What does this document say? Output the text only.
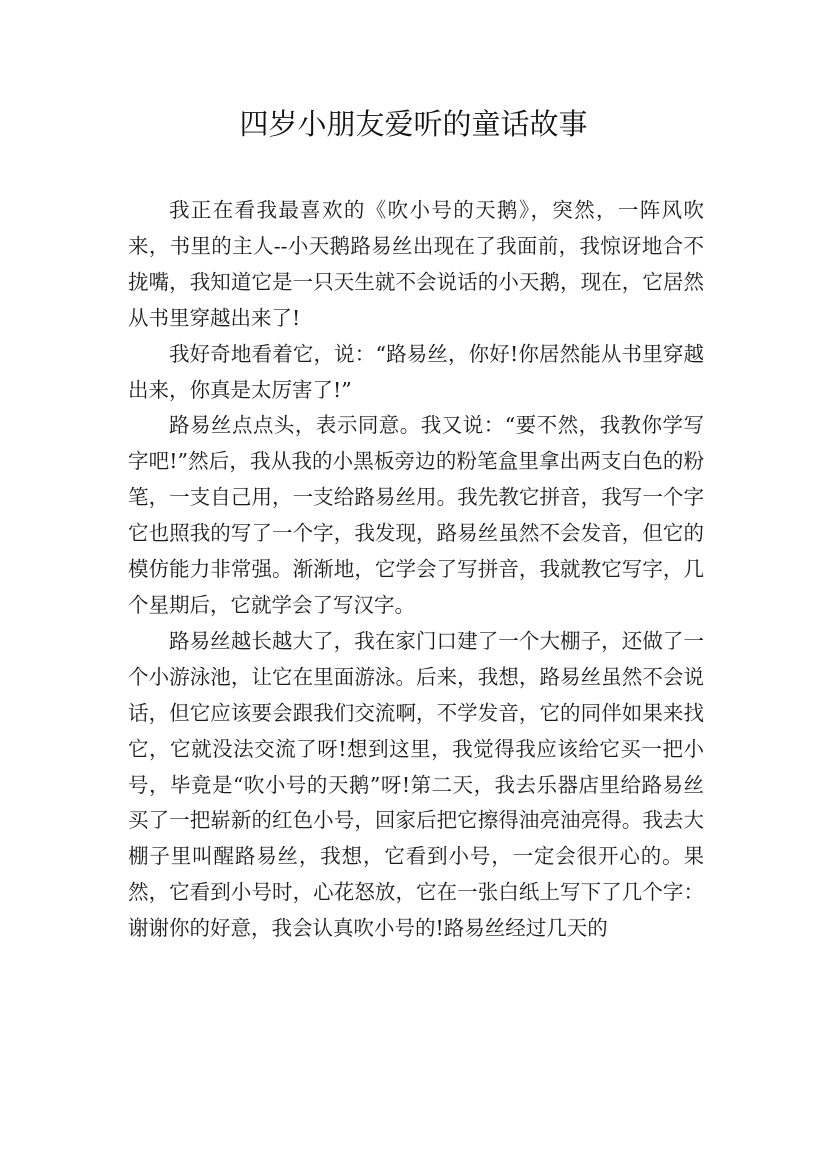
四岁小朋友爱听的童话故事

我正在看我最喜欢的《吹小号的天鹅》，突然，一阵风吹来，书里的主人--小天鹅路易丝出现在了我面前，我惊讶地合不拢嘴，我知道它是一只天生就不会说话的小天鹅，现在，它居然从书里穿越出来了!

我好奇地看着它，说：“路易丝，你好!你居然能从书里穿越出来，你真是太厉害了!”

路易丝点点头，表示同意。我又说：“要不然，我教你学写字吧!”然后，我从我的小黑板旁边的粉笔盒里拿出两支白色的粉笔，一支自己用，一支给路易丝用。我先教它拼音，我写一个字它也照我的写了一个字，我发现，路易丝虽然不会发音，但它的模仿能力非常强。渐渐地，它学会了写拼音，我就教它写字，几个星期后，它就学会了写汉字。

路易丝越长越大了，我在家门口建了一个大棚子，还做了一个小游泳池，让它在里面游泳。后来，我想，路易丝虽然不会说话，但它应该要会跟我们交流啊，不学发音，它的同伴如果来找它，它就没法交流了呀!想到这里，我觉得我应该给它买一把小号，毕竟是“吹小号的天鹅”呀!第二天，我去乐器店里给路易丝买了一把崭新的红色小号，回家后把它擦得油亮油亮得。我去大棚子里叫醒路易丝，我想，它看到小号，一定会很开心的。果然，它看到小号时，心花怒放，它在一张白纸上写下了几个字：谢谢你的好意，我会认真吹小号的!路易丝经过几天的
